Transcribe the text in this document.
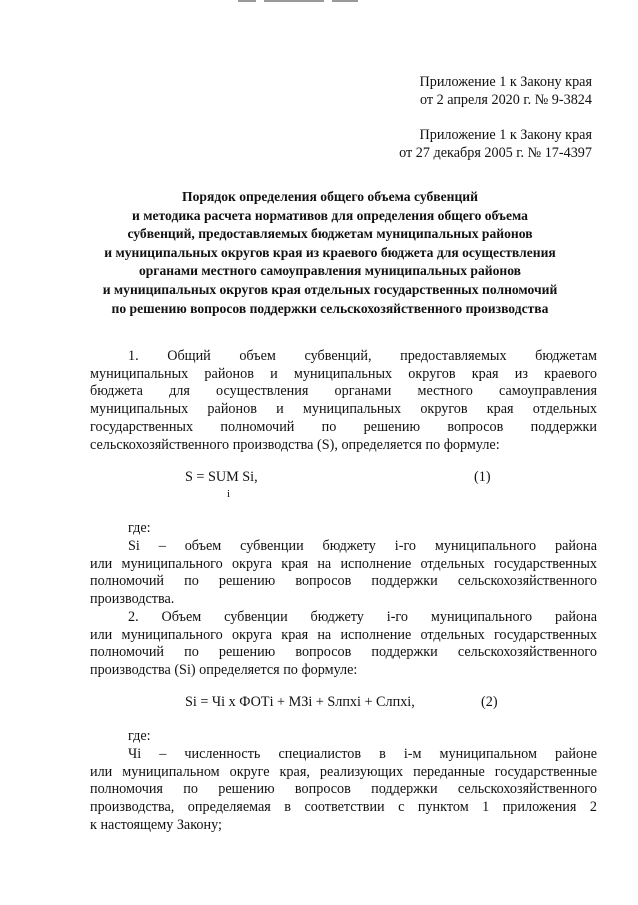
Приложение 1 к Закону края
от 2 апреля 2020 г. № 9-3824
Приложение 1 к Закону края
от 27 декабря 2005 г. № 17-4397
Порядок определения общего объема субвенций
и методика расчета нормативов для определения общего объема
субвенций, предоставляемых бюджетам муниципальных районов
и муниципальных округов края из краевого бюджета для осуществления
органами местного самоуправления муниципальных районов
и муниципальных округов края отдельных государственных полномочий
по решению вопросов поддержки сельскохозяйственного производства
1. Общий объем субвенций, предоставляемых бюджетам
муниципальных районов и муниципальных округов края из краевого
бюджета для осуществления органами местного самоуправления
муниципальных районов и муниципальных округов края отдельных
государственных полномочий по решению вопросов поддержки
сельскохозяйственного производства (S), определяется по формуле:
S = SUM Si,
i
(1)
где:
Si – объем субвенции бюджету i-го муниципального района
или муниципального округа края на исполнение отдельных государственных
полномочий по решению вопросов поддержки сельскохозяйственного
производства.
2. Объем субвенции бюджету i-го муниципального района
или муниципального округа края на исполнение отдельных государственных
полномочий по решению вопросов поддержки сельскохозяйственного
производства (Si) определяется по формуле:
Si = Чi x ФОТi + МЗi + Sлпхi + Cлпхi,	(2)
где:
Чi – численность специалистов в i-м муниципальном районе
или муниципальном округе края, реализующих переданные государственные
полномочия по решению вопросов поддержки сельскохозяйственного
производства, определяемая в соответствии с пунктом 1 приложения 2
к настоящему Закону;
